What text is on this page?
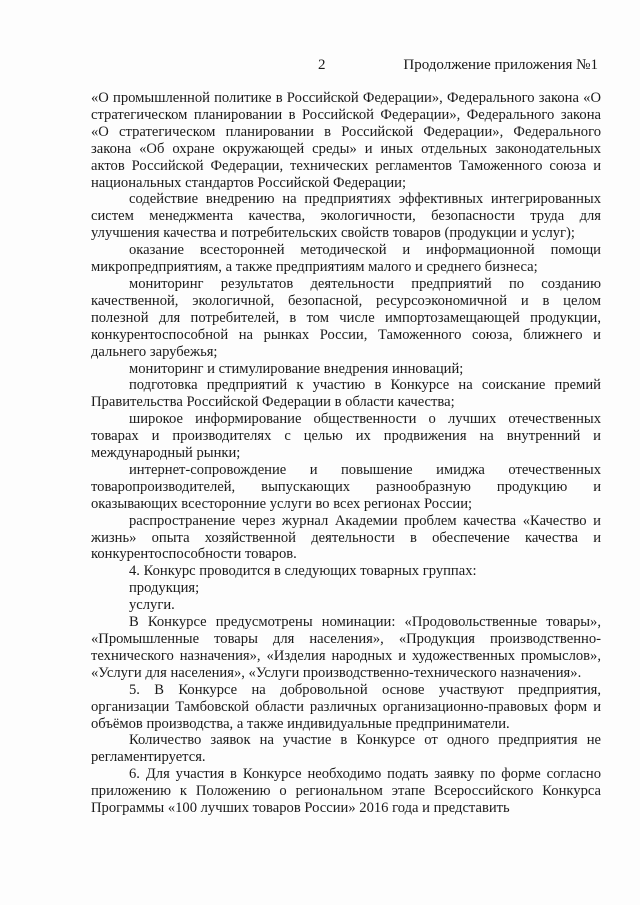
2	Продолжение приложения №1

«О промышленной политике в Российской Федерации», Федерального закона «О стратегическом планировании в Российской Федерации», Федерального закона «О стратегическом планировании в Российской Федерации», Федерального закона «Об охране окружающей среды» и иных отдельных законодательных актов Российской Федерации, технических регламентов Таможенного союза и национальных стандартов Российской Федерации;

содействие внедрению на предприятиях эффективных интегрированных систем менеджмента качества, экологичности, безопасности труда для улучшения качества и потребительских свойств товаров (продукции и услуг);

оказание всесторонней методической и информационной помощи микропредприятиям, а также предприятиям малого и среднего бизнеса;

мониторинг результатов деятельности предприятий по созданию качественной, экологичной, безопасной, ресурсоэкономичной и в целом полезной для потребителей, в том числе импортозамещающей продукции, конкурентоспособной на рынках России, Таможенного союза, ближнего и дальнего зарубежья;

мониторинг и стимулирование внедрения инноваций;

подготовка предприятий к участию в Конкурсе на соискание премий Правительства Российской Федерации в области качества;

широкое информирование общественности о лучших отечественных товарах и производителях с целью их продвижения на внутренний и международный рынки;

интернет-сопровождение и повышение имиджа отечественных товаропроизводителей, выпускающих разнообразную продукцию и оказывающих всесторонние услуги во всех регионах России;

распространение через журнал Академии проблем качества «Качество и жизнь» опыта хозяйственной деятельности в обеспечение качества и конкурентоспособности товаров.

4. Конкурс проводится в следующих товарных группах:

продукция;

услуги.

В Конкурсе предусмотрены номинации: «Продовольственные товары», «Промышленные товары для населения», «Продукция производственно-технического назначения», «Изделия народных и художественных промыслов», «Услуги для населения», «Услуги производственно-технического назначения».

5. В Конкурсе на добровольной основе участвуют предприятия, организации Тамбовской области различных организационно-правовых форм и объёмов производства, а также индивидуальные предприниматели.

Количество заявок на участие в Конкурсе от одного предприятия не регламентируется.

6. Для участия в Конкурсе необходимо подать заявку по форме согласно приложению к Положению о региональном этапе Всероссийского Конкурса Программы «100 лучших товаров России» 2016 года и представить
